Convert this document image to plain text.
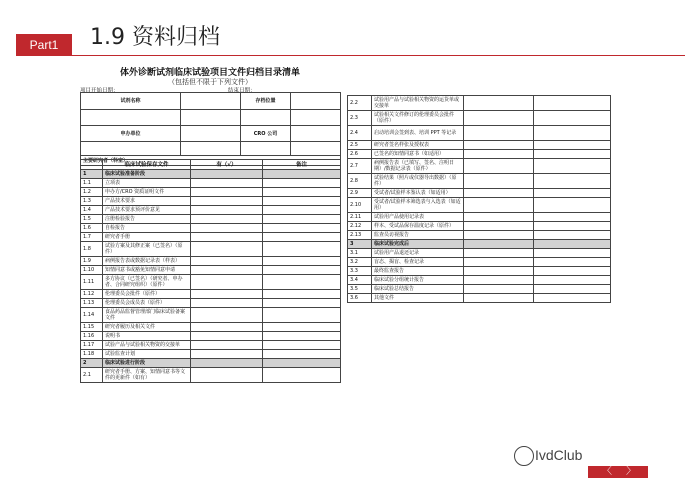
Part1	1.9 资料归档
体外诊断试剂临床试验项目文件归档目录清单
（包括但不限于下列文件）
项目开始日期：	结束日期：
试剂名称		存档位置	

申办单位		CRO 公司	

主要研究者（科室）			
	临床试验保存文件	有（√）	备注
1	临床试验准备阶段		
1.1	立项表		
1.2	申办方/CRO 资质证明文件		
1.3	产品技术要求		
1.4	产品技术要求预评价意见		
1.5	注册检验报告		
1.6	自检报告		
1.7	研究者手册		
1.8	试验方案及其修正案（已签名）（原件）		
1.9	病例报告表或数据记录表（样表）		
1.10	知情同意书或豁免知情同意申请		
1.11	多方协议（已签名）（研究者、申办者、合同研究组织）（原件）		
1.12	伦理委员会批件（原件）		
1.13	伦理委员会成员表（原件）		
1.14	食品药品监督管理部门临床试验备案文件		
1.15	研究者履历及相关文件		
1.16	说明书		
1.17	试验产品与试验相关物资的交接单		
1.18	试验监查计划		
2	临床试验进行阶段		
2.1	研究者手册、方案、知情同意书等文件的更新件（如有）		
2.2	试验用产品与试验相关物资的运货单或交接单		
2.3	试验相关文件修订的伦理委员会批件（原件）		
2.4	启动培训会签到表、培训 PPT 等记录		
2.5	研究者签名样张及授权表		
2.6	已签名的知情同意书（如适用）		
2.7	病例报告表（已填写、签名、注明日期）/数据记录表（原件）		
2.8	试验结果（照片或仪器导出数据）（原件）		
2.9	受试者/试验样本鉴认表（如适用）		
2.10	受试者/试验样本筛选表与入选表（如适用）		
2.11	试验用产品使用记录表		
2.12	样本、受试品保存温度记录（原件）		
2.13	监查员访视报告		
3	临床试验完成后		
3.1	试验用产品退还记录		
3.2	盲态、揭盲、检查记录		
3.3	最终监查报告		
3.4	临床试验分组统计报告		
3.5	临床试验总结报告		
3.6	其他文件		
IvdClub
〈 〉
